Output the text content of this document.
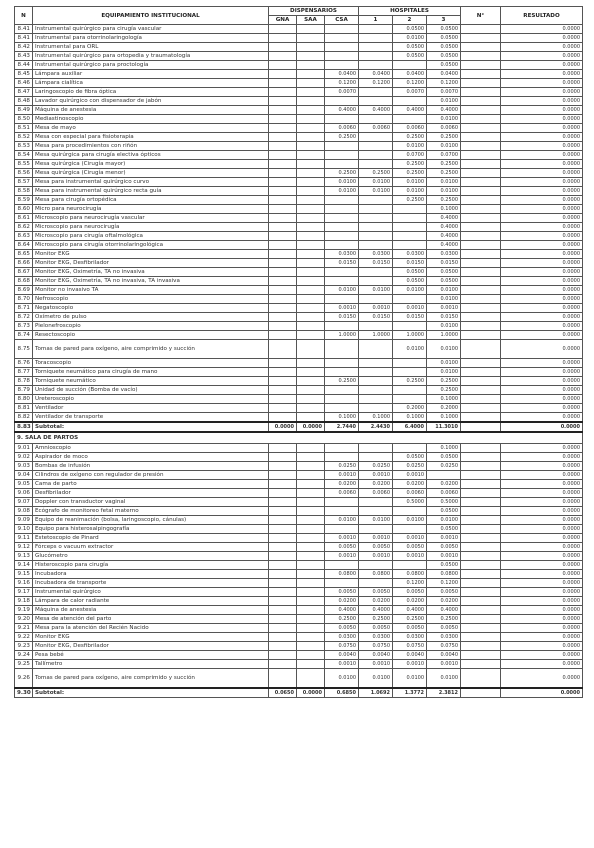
N	EQUIPAMIENTO INSTITUCIONAL	DISPENSARIOS			HOSPITALES			N°	RESULTADO
		GNA	SAA	CSA	1	2	3		
8.41	Instrumental quirúrgico para cirugía vascular					0.0500	0.0500		0.0000
8.41	Instrumental para otorrinolaringología					0.0100	0.0500		0.0000
8.42	Instrumental para ORL					0.0500	0.0500		0.0000
8.43	Instrumental quirúrgico para ortopedia y traumatología					0.0500	0.0500		0.0000
8.44	Instrumental quirúrgico para proctología						0.0500		0.0000
8.45	Lámpara auxiliar			0.0400	0.0400	0.0400	0.0400		0.0000
8.46	Lámpara cialítica			0.1200	0.1200	0.1200	0.1200		0.0000
8.47	Laringoscopio de fibra óptica			0.0070		0.0070	0.0070		0.0000
8.48	Lavador quirúrgico con dispensador de jabón						0.0100		0.0000
8.49	Máquina de anestesia			0.4000	0.4000	0.4000	0.4000		0.0000
8.50	Mediastinoscopio						0.0100		0.0000
8.51	Mesa de mayo			0.0060	0.0060	0.0060	0.0060		0.0000
8.52	Mesa con especial para fisioterapia			0.2500		0.2500	0.2500		0.0000
8.53	Mesa para procedimientos con riñón					0.0100	0.0100		0.0000
8.54	Mesa quirúrgica para cirugía electiva ópticos					0.0700	0.0700		0.0000
8.55	Mesa quirúrgica (Cirugía mayor)					0.2500	0.2500		0.0000
8.56	Mesa quirúrgica (Cirugía menor)			0.2500	0.2500	0.2500	0.2500		0.0000
8.57	Mesa para instrumental quirúrgico curvo			0.0100	0.0100	0.0100	0.0100		0.0000
8.58	Mesa para instrumental quirúrgico recta guía			0.0100	0.0100	0.0100	0.0100		0.0000
8.59	Mesa para cirugía ortopédica					0.2500	0.2500		0.0000
8.60	Micro para neurocirugía						0.1000		0.0000
8.61	Microscopio para neurocirugía vascular						0.4000		0.0000
8.62	Microscopio para neurocirugía						0.4000		0.0000
8.63	Microscopio para cirugía oftalmológica						0.4000		0.0000
8.64	Microscopio para cirugía otorrinolaringológica						0.4000		0.0000
8.65	Monitor EKG			0.0300	0.0300	0.0300	0.0300		0.0000
8.66	Monitor EKG, Desfibrilador			0.0150	0.0150	0.0150	0.0150		0.0000
8.67	Monitor EKG, Oximetría, TA no invasiva					0.0500	0.0500		0.0000
8.68	Monitor EKG, Oximetría, TA no invasiva, TA invasiva					0.0500	0.0500		0.0000
8.69	Monitor no invasivo TA			0.0100	0.0100	0.0100	0.0100		0.0000
8.70	Nefroscopio						0.0100		0.0000
8.71	Negatoscopio			0.0010	0.0010	0.0010	0.0010		0.0000
8.72	Oxímetro de pulso			0.0150	0.0150	0.0150	0.0150		0.0000
8.73	Pielonefroscopio						0.0100		0.0000
8.74	Resectoscopio			1.0000	1.0000	1.0000	1.0000		0.0000
8.75	Tomas de pared para oxígeno, aire comprimido y succión					0.0100	0.0100		0.0000
8.76	Toracoscopio						0.0100		0.0000
8.77	Torniquete neumático para cirugía de mano						0.0100		0.0000
8.78	Torniquete neumático			0.2500		0.2500	0.2500		0.0000
8.79	Unidad de succión (Bomba de vacío)						0.2500		0.0000
8.80	Ureteroscopio						0.1000		0.0000
8.81	Ventilador					0.2000	0.2000		0.0000
8.82	Ventilador de transporte			0.1000	0.1000	0.1000	0.1000		0.0000
8.83	Subtotal:	0.0000	0.0000	2.7440	2.4430	6.4000	11.3010		0.0000
9. SALA DE PARTOS									
9.01	Amnioscopio						0.1000		0.0000
9.02	Aspirador de moco					0.0500	0.0500		0.0000
9.03	Bombas de infusión			0.0250	0.0250	0.0250	0.0250		0.0000
9.04	Cilindros de oxígeno con regulador de presión			0.0010	0.0010	0.0010			0.0000
9.05	Cama de parto			0.0200	0.0200	0.0200	0.0200		0.0000
9.06	Desfibrilador			0.0060	0.0060	0.0060	0.0060		0.0000
9.07	Doppler con transductor vaginal					0.5000	0.5000		0.0000
9.08	Ecógrafo de monitoreo fetal materno						0.0500		0.0000
9.09	Equipo de reanimación (bolsa, laringoscopio, cánulas)			0.0100	0.0100	0.0100	0.0100		0.0000
9.10	Equipo para histerosalpingografía						0.0500		0.0000
9.11	Estetoscopio de Pinard			0.0010	0.0010	0.0010	0.0010		0.0000
9.12	Fórceps o vacuum extractor			0.0050	0.0050	0.0050	0.0050		0.0000
9.13	Glucómetro			0.0010	0.0010	0.0010	0.0010		0.0000
9.14	Histeroscopio para cirugía						0.0500		0.0000
9.15	Incubadora			0.0800	0.0800	0.0800	0.0800		0.0000
9.16	Incubadora de transporte					0.1200	0.1200		0.0000
9.17	Instrumental quirúrgico			0.0050	0.0050	0.0050	0.0050		0.0000
9.18	Lámpara de calor radiante			0.0200	0.0200	0.0200	0.0200		0.0000
9.19	Máquina de anestesia			0.4000	0.4000	0.4000	0.4000		0.0000
9.20	Mesa de atención del parto			0.2500	0.2500	0.2500	0.2500		0.0000
9.21	Mesa para la atención del Recién Nacido			0.0050	0.0050	0.0050	0.0050		0.0000
9.22	Monitor EKG			0.0300	0.0300	0.0300	0.0300		0.0000
9.23	Monitor EKG, Desfibrilador			0.0750	0.0750	0.0750	0.0750		0.0000
9.24	Pesa bebé			0.0040	0.0040	0.0040	0.0040		0.0000
9.25	Tallímetro			0.0010	0.0010	0.0010	0.0010		0.0000
9.26	Tomas de pared para oxígeno, aire comprimido y succión			0.0100	0.0100	0.0100	0.0100		0.0000
9.30	Subtotal:	0.0650	0.0000	0.6850	1.0692	1.3772	2.3812		0.0000
